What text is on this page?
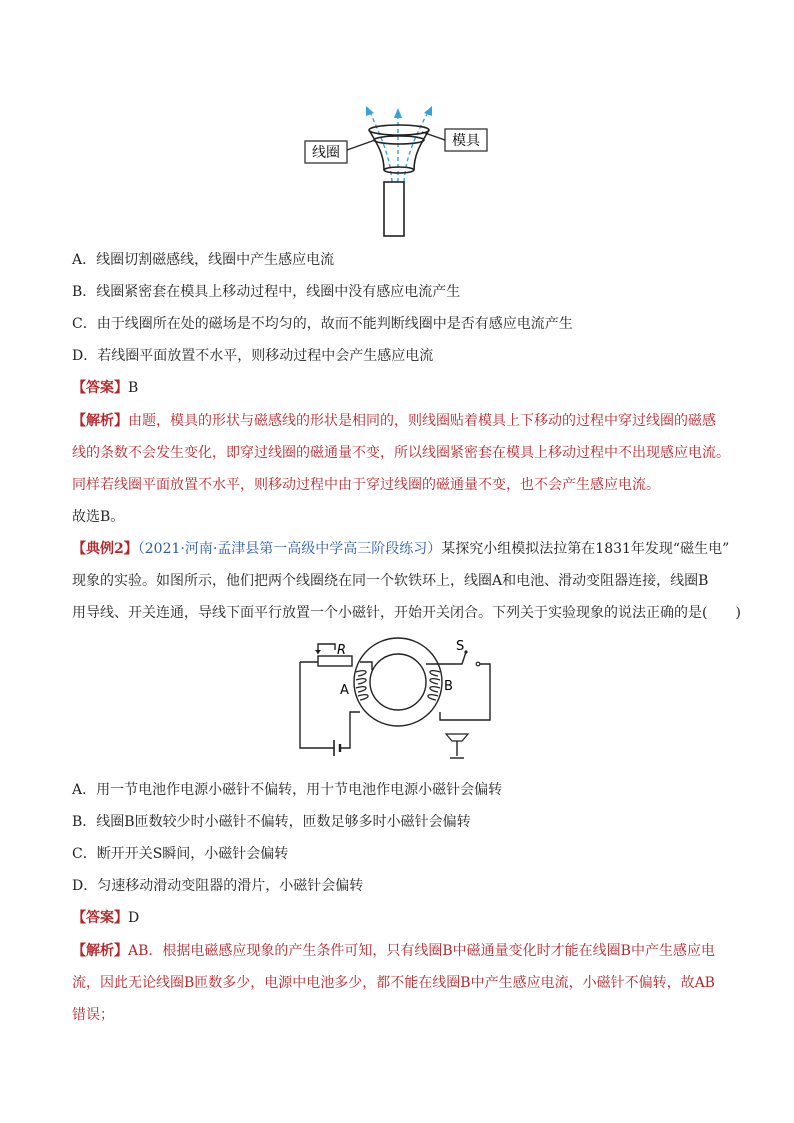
线圈
模具
A．线圈切割磁感线，线圈中产生感应电流
B．线圈紧密套在模具上移动过程中，线圈中没有感应电流产生
C．由于线圈所在处的磁场是不均匀的，故而不能判断线圈中是否有感应电流产生
D．若线圈平面放置不水平，则移动过程中会产生感应电流
【答案】B
【解析】由题，模具的形状与磁感线的形状是相同的，则线圈贴着模具上下移动的过程中穿过线圈的磁感
线的条数不会发生变化，即穿过线圈的磁通量不变，所以线圈紧密套在模具上移动过程中不出现感应电流。
同样若线圈平面放置不水平，则移动过程中由于穿过线圈的磁通量不变，也不会产生感应电流。
故选B。
【典例2】（2021·河南·孟津县第一高级中学高三阶段练习）某探究小组模拟法拉第在1831年发现“磁生电”
现象的实验。如图所示，他们把两个线圈绕在同一个软铁环上，线圈A和电池、滑动变阻器连接，线圈B
用导线、开关连通，导线下面平行放置一个小磁针，开始开关闭合。下列关于实验现象的说法正确的是(　　)
R	S
A	B
A．用一节电池作电源小磁针不偏转，用十节电池作电源小磁针会偏转
B．线圈B匝数较少时小磁针不偏转，匝数足够多时小磁针会偏转
C．断开开关S瞬间，小磁针会偏转
D．匀速移动滑动变阻器的滑片，小磁针会偏转
【答案】D
【解析】AB．根据电磁感应现象的产生条件可知，只有线圈B中磁通量变化时才能在线圈B中产生感应电
流，因此无论线圈B匝数多少，电源中电池多少，都不能在线圈B中产生感应电流，小磁针不偏转，故AB
错误；
